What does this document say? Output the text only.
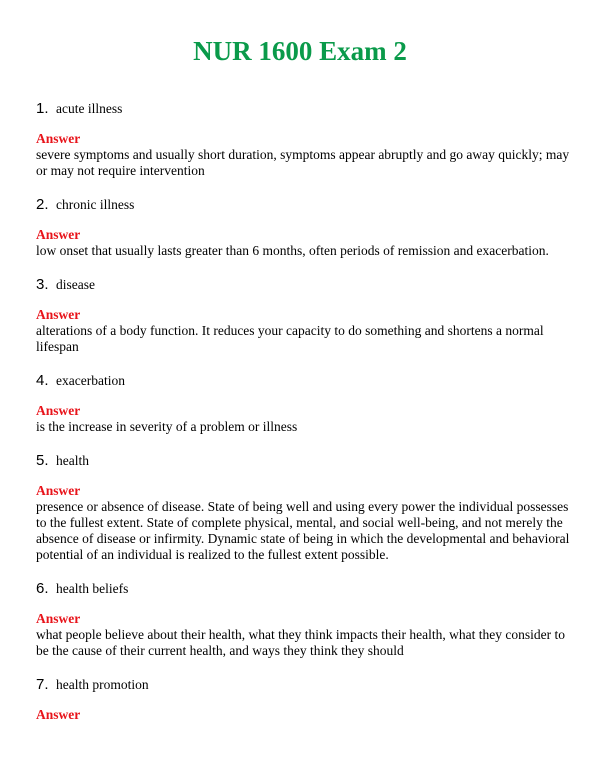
NUR 1600 Exam 2
1. acute illness
Answer
severe symptoms and usually short duration, symptoms appear abruptly and go away quickly; may or may not require intervention
2. chronic illness
Answer
low onset that usually lasts greater than 6 months, often periods of remission and exacerbation.
3. disease
Answer
alterations of a body function. It reduces your capacity to do something and shortens a normal lifespan
4. exacerbation
Answer
is the increase in severity of a problem or illness
5. health
Answer
presence or absence of disease. State of being well and using every power the individual possesses to the fullest extent. State of complete physical, mental, and social well-being, and not merely the absence of disease or infirmity. Dynamic state of being in which the developmental and behavioral potential of an individual is realized to the fullest extent possible.
6. health beliefs
Answer
what people believe about their health, what they think impacts their health, what they consider to be the cause of their current health, and ways they think they should
7. health promotion
Answer
